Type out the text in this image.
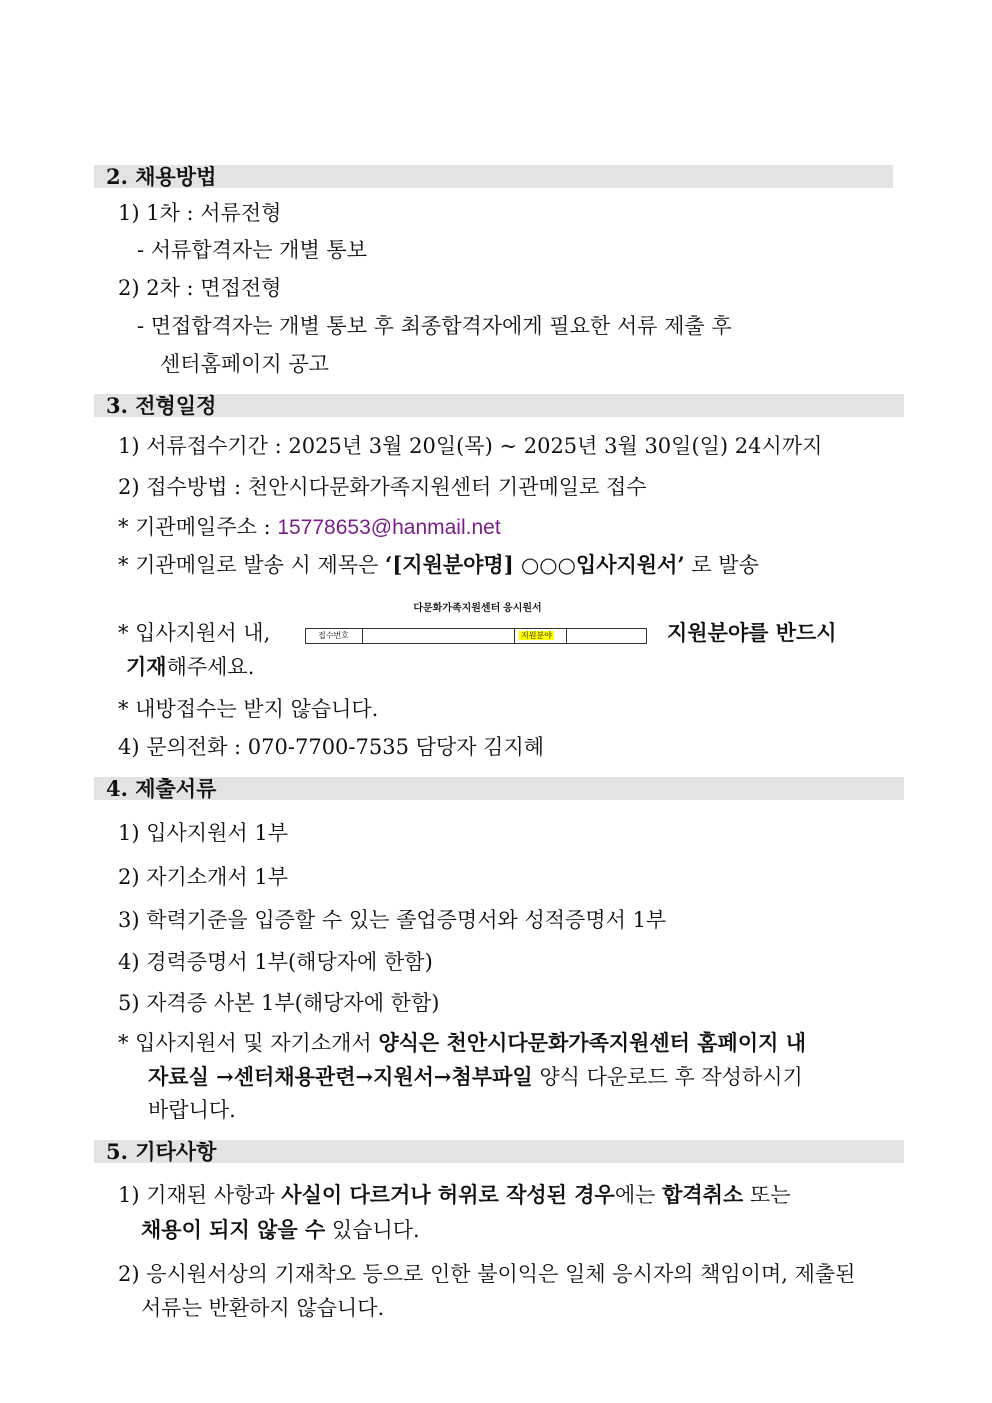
2. 채용방법
1) 1차 : 서류전형
- 서류합격자는 개별 통보
2) 2차 : 면접전형
- 면접합격자는 개별 통보 후 최종합격자에게 필요한 서류 제출 후
센터홈페이지 공고
3. 전형일정
1) 서류접수기간 : 2025년 3월 20일(목) ~ 2025년 3월 30일(일) 24시까지
2) 접수방법 : 천안시다문화가족지원센터 기관메일로 접수
* 기관메일주소 : 15778653@hanmail.net
* 기관메일로 발송 시 제목은 ‘[지원분야명] ○○○입사지원서’ 로 발송
* 입사지원서 내,
다문화가족지원센터 응시원서
접수번호	지원분야	지원분야를 반드시
기재해주세요.
* 내방접수는 받지 않습니다.
4) 문의전화 : 070-7700-7535 담당자 김지혜
4. 제출서류
1) 입사지원서 1부
2) 자기소개서 1부
3) 학력기준을 입증할 수 있는 졸업증명서와 성적증명서 1부
4) 경력증명서 1부(해당자에 한함)
5) 자격증 사본 1부(해당자에 한함)
* 입사지원서 및 자기소개서 양식은 천안시다문화가족지원센터 홈페이지 내
자료실 →센터채용관련→지원서→첨부파일 양식 다운로드 후 작성하시기
바랍니다.
5. 기타사항
1) 기재된 사항과 사실이 다르거나 허위로 작성된 경우에는 합격취소 또는
채용이 되지 않을 수 있습니다.
2) 응시원서상의 기재착오 등으로 인한 불이익은 일체 응시자의 책임이며, 제출된
서류는 반환하지 않습니다.
